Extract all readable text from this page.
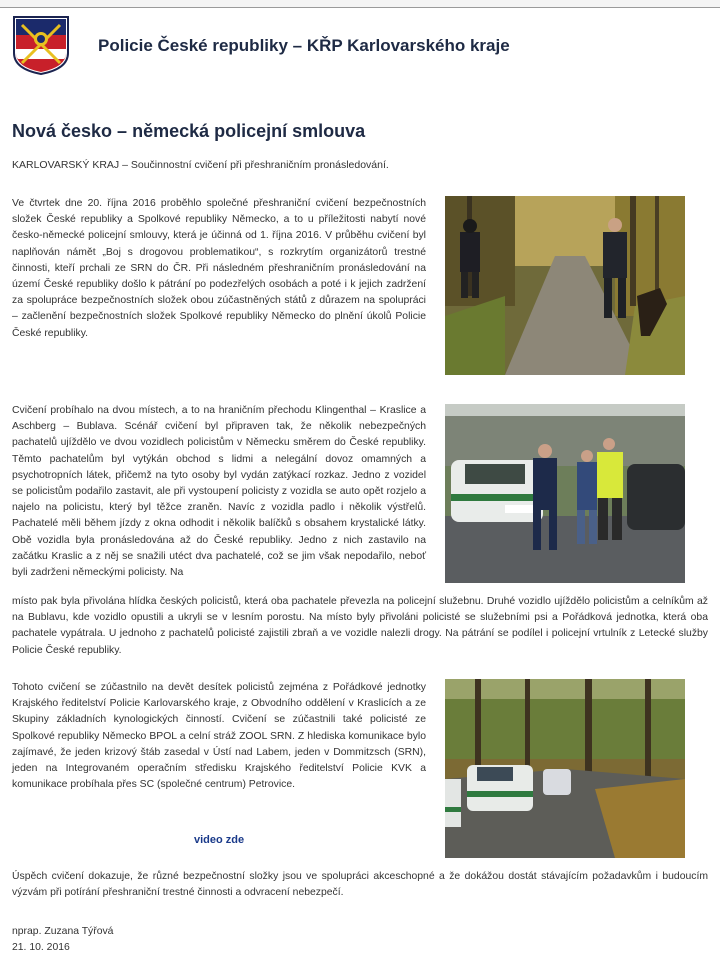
Policie České republiky – KŘP Karlovarského kraje
Nová česko – německá policejní smlouva

KARLOVARSKÝ KRAJ – Součinnostní cvičení při přeshraničním pronásledování.

Ve čtvrtek dne 20. října 2016 proběhlo společné přeshraniční cvičení bezpečnostních složek České republiky a Spolkové republiky Německo, a to u příležitosti nabytí nové česko-německé policejní smlouvy, která je účinná od 1. října 2016. V průběhu cvičení byl naplňován námět „Boj s drogovou problematikou“, s rozkrytím organizátorů trestné činnosti, kteří prchali ze SRN do ČR. Při následném přeshraničním pronásledování na území České republiky došlo k pátrání po podezřelých osobách a poté i k jejich zadržení za spolupráce bezpečnostních složek obou zúčastněných států z důrazem na spolupráci – začlenění bezpečnostních složek Spolkové republiky Německo do plnění úkolů Policie České republiky.

Cvičení probíhalo na dvou místech, a to na hraničním přechodu Klingenthal – Kraslice a Aschberg – Bublava. Scénář cvičení byl připraven tak, že několik nebezpečných pachatelů ujíždělo ve dvou vozidlech policistům v Německu směrem do České republiky. Těmto pachatelům byl vytýkán obchod s lidmi a nelegální dovoz omamných a psychotropních látek, přičemž na tyto osoby byl vydán zatýkací rozkaz. Jedno z vozidel se policistům podařilo zastavit, ale při vystoupení policisty z vozidla se auto opět rozjelo a najelo na policistu, který byl těžce zraněn. Navíc z vozidla padlo i několik výstřelů. Pachatelé měli během jízdy z okna odhodit i několik balíčků s obsahem krystalické látky. Obě vozidla byla pronásledována až do České republiky. Jedno z nich zastavilo na začátku Kraslic a z něj se snažili utéct dva pachatelé, což se jim však nepodařilo, neboť byli zadrženi německými policisty. Na

místo pak byla přivolána hlídka českých policistů, která oba pachatele převezla na policejní služebnu. Druhé vozidlo ujíždělo policistům a celníkům až na Bublavu, kde vozidlo opustili a ukryli se v lesním porostu. Na místo byly přivoláni policisté se služebními psi a Pořádková jednotka, která oba pachatele vypátrala. U jednoho z pachatelů policisté zajistili zbraň a ve vozidle nalezli drogy. Na pátrání se podílel i policejní vrtulník z Letecké služby Policie České republiky.

Tohoto cvičení se zúčastnilo na devět desítek policistů zejména z Pořádkové jednotky Krajského ředitelství Policie Karlovarského kraje, z Obvodního oddělení v Kraslicích a ze Skupiny základních kynologických činností. Cvičení se zúčastnili také policisté ze Spolkové republiky Německo BPOL a celní stráž ZOOL SRN. Z hlediska komunikace bylo zajímavé, že jeden krizový štáb zasedal v Ústí nad Labem, jeden v Dommitzsch (SRN), jeden na Integrovaném operačním středisku Krajského ředitelství Policie KVK a komunikace probíhala přes SC (společné centrum) Petrovice.

video zde

Úspěch cvičení dokazuje, že různé bezpečnostní složky jsou ve spolupráci akceschopné a že dokážou dostát stávajícím požadavkům i budoucím výzvám při potírání přeshraniční trestné činnosti a odvracení nebezpečí.

nprap. Zuzana Týřová
21. 10. 2016
